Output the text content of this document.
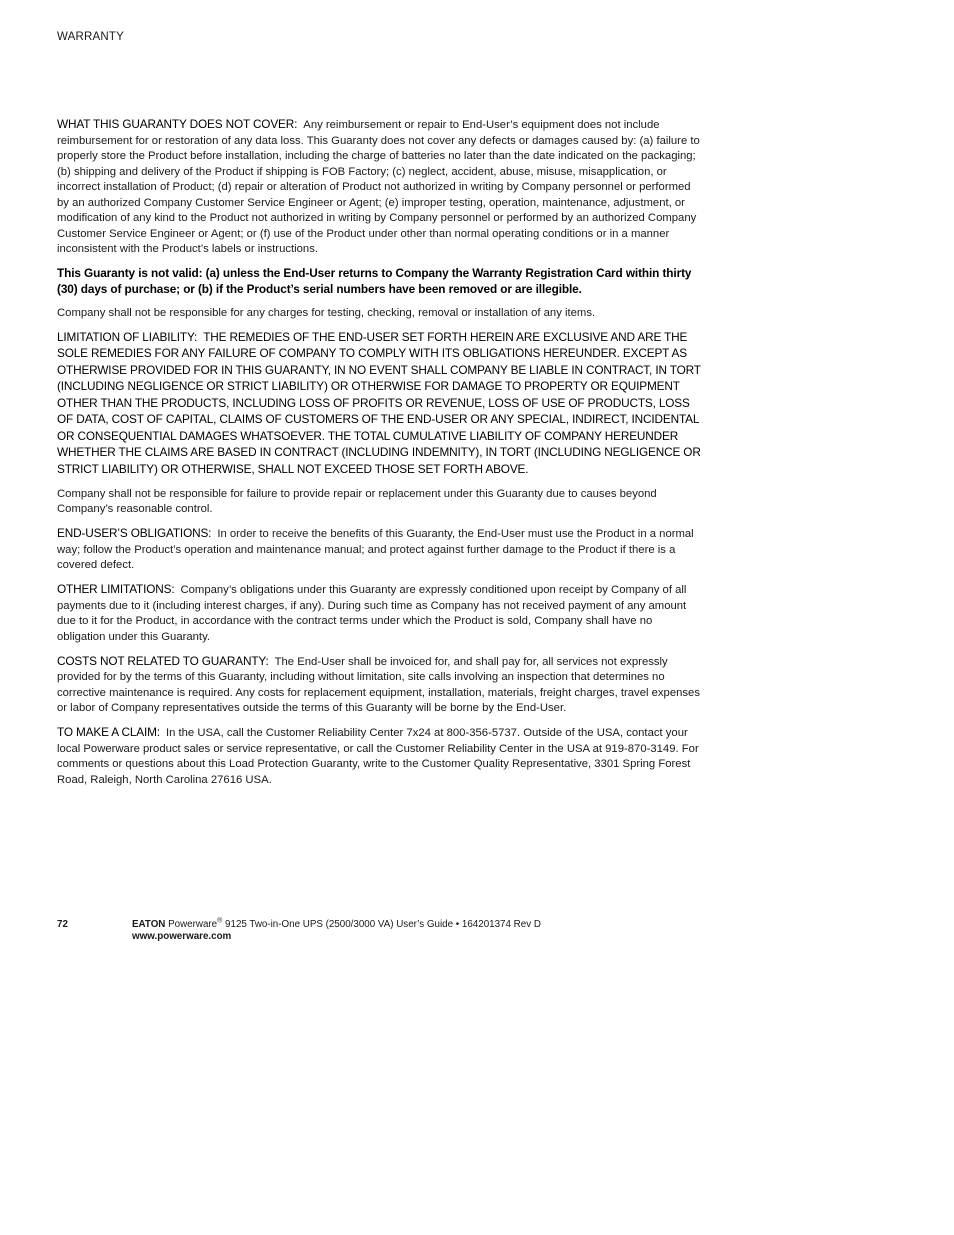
WARRANTY

WHAT THIS GUARANTY DOES NOT COVER: Any reimbursement or repair to End-User’s equipment does not include reimbursement for or restoration of any data loss. This Guaranty does not cover any defects or damages caused by: (a) failure to properly store the Product before installation, including the charge of batteries no later than the date indicated on the packaging; (b) shipping and delivery of the Product if shipping is FOB Factory; (c) neglect, accident, abuse, misuse, misapplication, or incorrect installation of Product; (d) repair or alteration of Product not authorized in writing by Company personnel or performed by an authorized Company Customer Service Engineer or Agent; (e) improper testing, operation, maintenance, adjustment, or modification of any kind to the Product not authorized in writing by Company personnel or performed by an authorized Company Customer Service Engineer or Agent; or (f) use of the Product under other than normal operating conditions or in a manner inconsistent with the Product’s labels or instructions.

This Guaranty is not valid: (a) unless the End-User returns to Company the Warranty Registration Card within thirty (30) days of purchase; or (b) if the Product’s serial numbers have been removed or are illegible.

Company shall not be responsible for any charges for testing, checking, removal or installation of any items.

LIMITATION OF LIABILITY: THE REMEDIES OF THE END-USER SET FORTH HEREIN ARE EXCLUSIVE AND ARE THE SOLE REMEDIES FOR ANY FAILURE OF COMPANY TO COMPLY WITH ITS OBLIGATIONS HEREUNDER. EXCEPT AS OTHERWISE PROVIDED FOR IN THIS GUARANTY, IN NO EVENT SHALL COMPANY BE LIABLE IN CONTRACT, IN TORT (INCLUDING NEGLIGENCE OR STRICT LIABILITY) OR OTHERWISE FOR DAMAGE TO PROPERTY OR EQUIPMENT OTHER THAN THE PRODUCTS, INCLUDING LOSS OF PROFITS OR REVENUE, LOSS OF USE OF PRODUCTS, LOSS OF DATA, COST OF CAPITAL, CLAIMS OF CUSTOMERS OF THE END-USER OR ANY SPECIAL, INDIRECT, INCIDENTAL OR CONSEQUENTIAL DAMAGES WHATSOEVER. THE TOTAL CUMULATIVE LIABILITY OF COMPANY HEREUNDER WHETHER THE CLAIMS ARE BASED IN CONTRACT (INCLUDING INDEMNITY), IN TORT (INCLUDING NEGLIGENCE OR STRICT LIABILITY) OR OTHERWISE, SHALL NOT EXCEED THOSE SET FORTH ABOVE.

Company shall not be responsible for failure to provide repair or replacement under this Guaranty due to causes beyond Company’s reasonable control.

END-USER’S OBLIGATIONS: In order to receive the benefits of this Guaranty, the End-User must use the Product in a normal way; follow the Product’s operation and maintenance manual; and protect against further damage to the Product if there is a covered defect.

OTHER LIMITATIONS: Company’s obligations under this Guaranty are expressly conditioned upon receipt by Company of all payments due to it (including interest charges, if any). During such time as Company has not received payment of any amount due to it for the Product, in accordance with the contract terms under which the Product is sold, Company shall have no obligation under this Guaranty.

COSTS NOT RELATED TO GUARANTY: The End-User shall be invoiced for, and shall pay for, all services not expressly provided for by the terms of this Guaranty, including without limitation, site calls involving an inspection that determines no corrective maintenance is required. Any costs for replacement equipment, installation, materials, freight charges, travel expenses or labor of Company representatives outside the terms of this Guaranty will be borne by the End-User.

TO MAKE A CLAIM: In the USA, call the Customer Reliability Center 7x24 at 800-356-5737. Outside of the USA, contact your local Powerware product sales or service representative, or call the Customer Reliability Center in the USA at 919-870-3149. For comments or questions about this Load Protection Guaranty, write to the Customer Quality Representative, 3301 Spring Forest Road, Raleigh, North Carolina 27616 USA.

72	EATON Powerware® 9125 Two-in-One UPS (2500/3000 VA) User’s Guide • 164201374 Rev D
www.powerware.com
